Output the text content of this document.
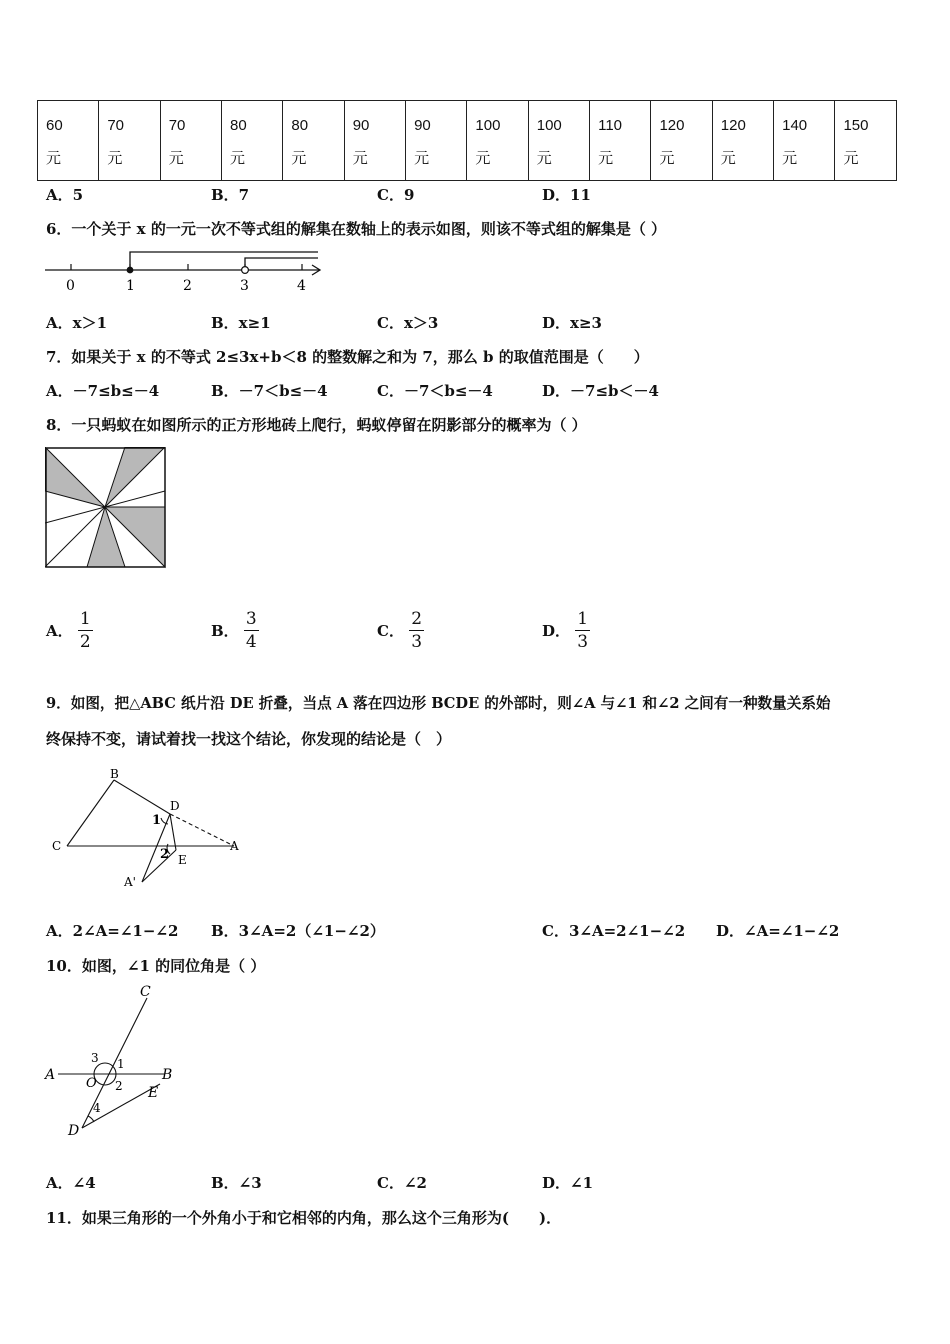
60
元

70
元

70
元

80
元

80
元

90
元

90
元

100
元

100
元

110
元

120
元

120
元

140
元

150
元
A．5	B．7	C．9	D．11
6．一个关于 x 的一元一次不等式组的解集在数轴上的表示如图，则该不等式组的解集是（ ）
0	1	2	3	4
A．x＞1	B．x≥1	C．x＞3	D．x≥3
7．如果关于 x 的不等式 2≤3x+b＜8 的整数解之和为 7，那么 b 的取值范围是（　　）
A．－7≤b≤－4	B．－7＜b≤－4	C．－7＜b≤－4	D．－7≤b＜－4
8．一只蚂蚁在如图所示的正方形地砖上爬行，蚂蚁停留在阴影部分的概率为（ ）
A． $\frac{1}{2}$	B． $\frac{3}{4}$	C． $\frac{2}{3}$	D． $\frac{1}{3}$
9．如图，把△ABC 纸片沿 DE 折叠，当点 A 落在四边形 BCDE 的外部时，则∠A 与∠1 和∠2 之间有一种数量关系始
终保持不变，请试着找一找这个结论，你发现的结论是（　）
B
C
D
A
E
A'
1
2
A．2∠A=∠1−∠2 B．3∠A=2（∠1−∠2）	C．3∠A=2∠1−∠2 D．∠A=∠1−∠2
10．如图，∠1 的同位角是（ ）
C
A	B
O
E
D
1
2
3
4
A．∠4	B．∠3	C．∠2	D．∠1
11．如果三角形的一个外角小于和它相邻的内角，那么这个三角形为(　　)．
